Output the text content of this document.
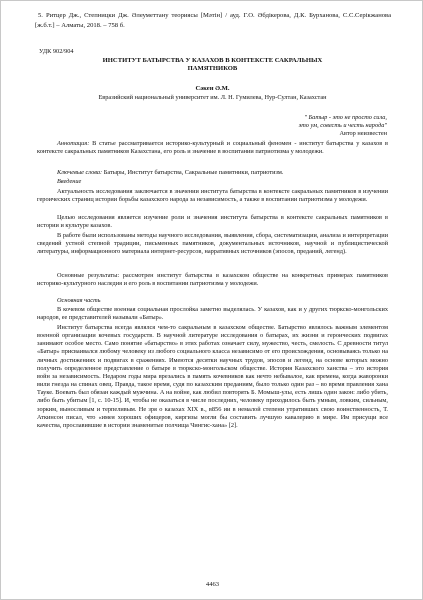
5. Ритцер Дж., Степницки Дж. Әлеуметтану теориясы [Мәтін] / ауд. Г.О. Әбдікерова, Д.К. Бурханова, С.С.Серікжанова [ж.б.т.] – Алматы, 2018. – 758 б.

УДК 902/904

ИНСТИТУТ БАТЫРСТВА У КАЗАХОВ В КОНТЕКСТЕ САКРАЛЬНЫХ ПАМЯТНИКОВ

Сәкен Ә.М.

Евразийский национальный университет им. Л. Н. Гумилева, Нур-Султан, Казахстан

" Батыр - это не просто сила,

это ум, совесть и честь народа"

Автор неизвестен

Аннотация: В статье рассматривается историко-культурный и социальный феномен - институт батырства у казахов в контексте сакральных памятников Казахстана, его роль и значение в воспитании патриотизма у молодежи.

Ключевые слова: Батыры, Институт батырства, Сакральные памятники, патриотизм.

Введение

Актуальность исследования заключается в значении института батырства в контексте сакральных памятников в изучении героических страниц истории борьбы казахского народа за независимость, а также в воспитании патриотизма у молодежи.

Целью исследования является изучение роли и значения института батырства в контексте сакральных памятников в истории и культуре казахов.

В работе были использованы методы научного исследования, выявления, сбора, систематизации, анализа и интерпретации сведений устной степной традиции, письменных памятников, документальных источников, научной и публицистической литературы, информационного материала интернет-ресурсов, нарративных источников (эпосов, преданий, легенд).

Основные результаты: рассмотрен институт батырства в казахском обществе на конкретных примерах памятников историко-культурного наследия и его роль в воспитании патриотизма у молодежи.

Основная часть

В кочевом обществе военная социальная прослойка заметно выделялась. У казахов, как и у других тюркско-монгольских народов, ее представителей называли «Батыр».

Институт батырства всегда являлся чем-то сакральным в казахском обществе. Батырство являлось важным элементом военной организации кочевых государств. В научной литературе исследования о батырах, их жизни и героических подвигах занимают особое место. Само понятие «батырство» в этих работах означает силу, мужество, честь, смелость. С древности титул «Батыр» присваивался любому человеку из любого социального класса независимо от его происхождения, основываясь только на личных достижениях и подвигах в сражениях. Имеются десятки научных трудов, эпосов и легенд, на основе которых можно получить определенное представление о батыре в тюркско-монгольском обществе. История Казахского ханства – это история войн за независимость. Недаром годы мира врезались в память кочевников как нечто небывалое, как времена, когда жаворонки вили гнезда на спинах овец. Правда, такое время, судя по казахским преданиям, было только один раз – во время правления хана Тауке. Воевать был обязан каждый мужчина. А на войне, как любил повторять Б. Момыш-улы, есть лишь один закон: либо убить, либо быть убитым [1, с. 10-15]. И, чтобы не оказаться в числе последних, человеку приходилось быть умным, ловким, сильным, зорким, выносливым и терпеливым. Не зря о казахах XIX в., в856 ии в немалой степени утративших свою воинственность, Т. Аткинсон писал, что «имея хороших офицеров, киргизы могли бы составить лучшую кавалерию в мире. Им присущи все качества, прославившие в истории знаменитые полчища Чингис-хана» [2].

4463
